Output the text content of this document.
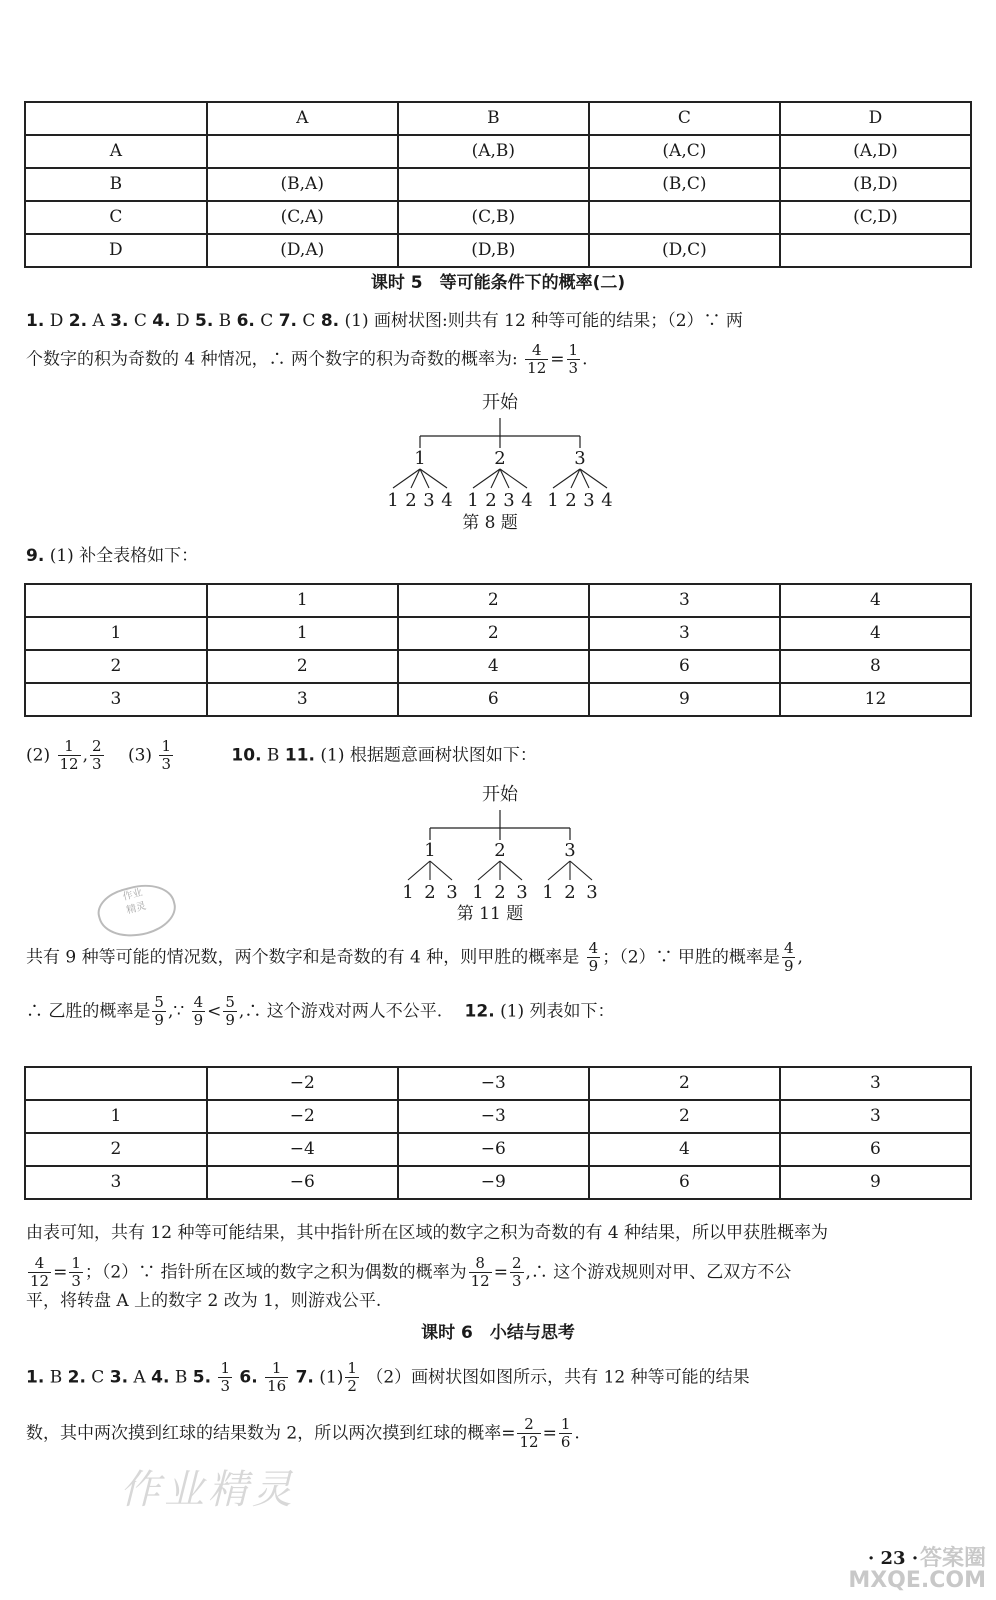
	A	B	C	D
A		(A,B)	(A,C)	(A,D)
B	(B,A)		(B,C)	(B,D)
C	(C,A)	(C,B)		(C,D)
D	(D,A)	(D,B)	(D,C)	
课时 5　等可能条件下的概率(二)
1. D 2. A 3. C 4. D 5. B 6. C 7. C 8. (1) 画树状图:则共有 12 种等可能的结果；（2）∵ 两
个数字的积为奇数的 4 种情况，∴ 两个数字的积为奇数的概率为: $\frac{4}{12} = \frac{1}{3}$ .
开始
1
1 2 3 4
2
1 2 3 4
3
1 2 3 4
第 8 题
9. (1) 补全表格如下：
	1	2	3	4
1	1	2	3	4
2	2	4	6	8
3	3	6	9	12
$(2) \frac{1}{12}$ , $\frac{2}{3}$
　 $(3) \frac{1}{3}$
　　　	10. B 11. (1) 根据题意画树状图如下：
开始
1
1 2 3
2
1 2 3
3
1 2 3
第 11 题
作业
精灵
共有 9 种等可能的情况数，两个数字和是奇数的有 4 种，则甲胜的概率是 $\frac{4}{9}$ ；（2）∵ 甲胜的概率是 $\frac{4}{9}$ ,
∴ 乙胜的概率是 $\frac{5}{9}$ ,∵ $\frac{4}{9} < \frac{5}{9}$ ,∴ 这个游戏对两人不公平.　 12. (1) 列表如下：
	−2	−3	2	3
1	−2	−3	2	3
2	−4	−6	4	6
3	−6	−9	6	9
由表可知，共有 12 种等可能结果，其中指针所在区域的数字之积为奇数的有 4 种结果，所以甲获胜概率为
$\frac{4}{12} = \frac{1}{3}$ ；（2）∵ 指针所在区域的数字之积为偶数的概率为 $\frac{8}{12} = \frac{2}{3}$ ,∴ 这个游戏规则对甲、乙双方不公
平，将转盘 A 上的数字 2 改为 1，则游戏公平.
课时 6　小结与思考
1. B 2. C 3. A 4. B 5. $\frac{1}{3} 6$. $\frac{1}{16} 7$. $(1) \frac{1}{2} (2)$画树状图如图所示，共有 12 种等可能的结果
数，其中两次摸到红球的结果数为 2，所以两次摸到红球的概率= $\frac{2}{12} = \frac{1}{6}$ .
作业精灵
· 23 · 答案圈 MXQE.COM
